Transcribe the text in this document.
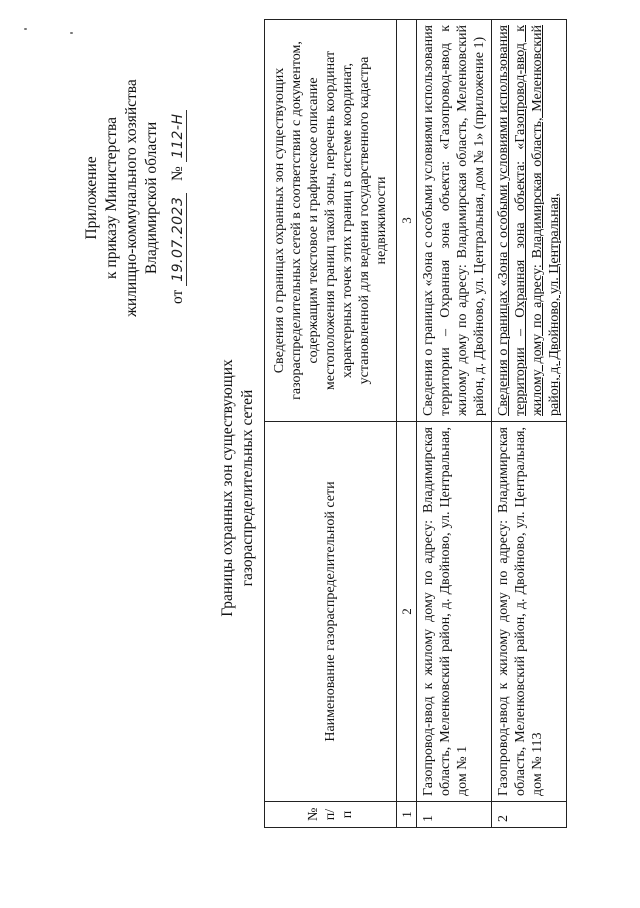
Приложение к приказу Министерства жилищно-коммунального хозяйства Владимирской области
от 19.07.2023   № 112-Н
Границы охранных зон существующих газораспределительных сетей
№ п/п	Наименование газораспределительной сети	Сведения о границах охранных зон существующих газораспределительных сетей в соответствии с документом, содержащим текстовое и графическое описание местоположения границ такой зоны, перечень координат характерных точек этих границ в системе координат, установленной для ведения государственного кадастра недвижимости
1	2	3
1	Газопровод-ввод к жилому дому по адресу: Владимирская область, Меленковский район, д. Двойново, ул. Центральная, дом № 1	Сведения о границах «Зона с особыми условиями использования территории – Охранная зона объекта: «Газопровод-ввод к жилому дому по адресу: Владимирская область, Меленковский район, д. Двойново, ул. Центральная, дом № 1» (приложение 1)
2	Газопровод-ввод к жилому дому по адресу: Владимирская область, Меленковский район, д. Двойново, ул. Центральная, дом № 113	Сведения о границах «Зона с особыми условиями использования территории – Охранная зона объекта: «Газопровод-ввод к жилому дому по адресу: Владимирская область, Меленковский район, д. Двойново, ул. Центральная,
